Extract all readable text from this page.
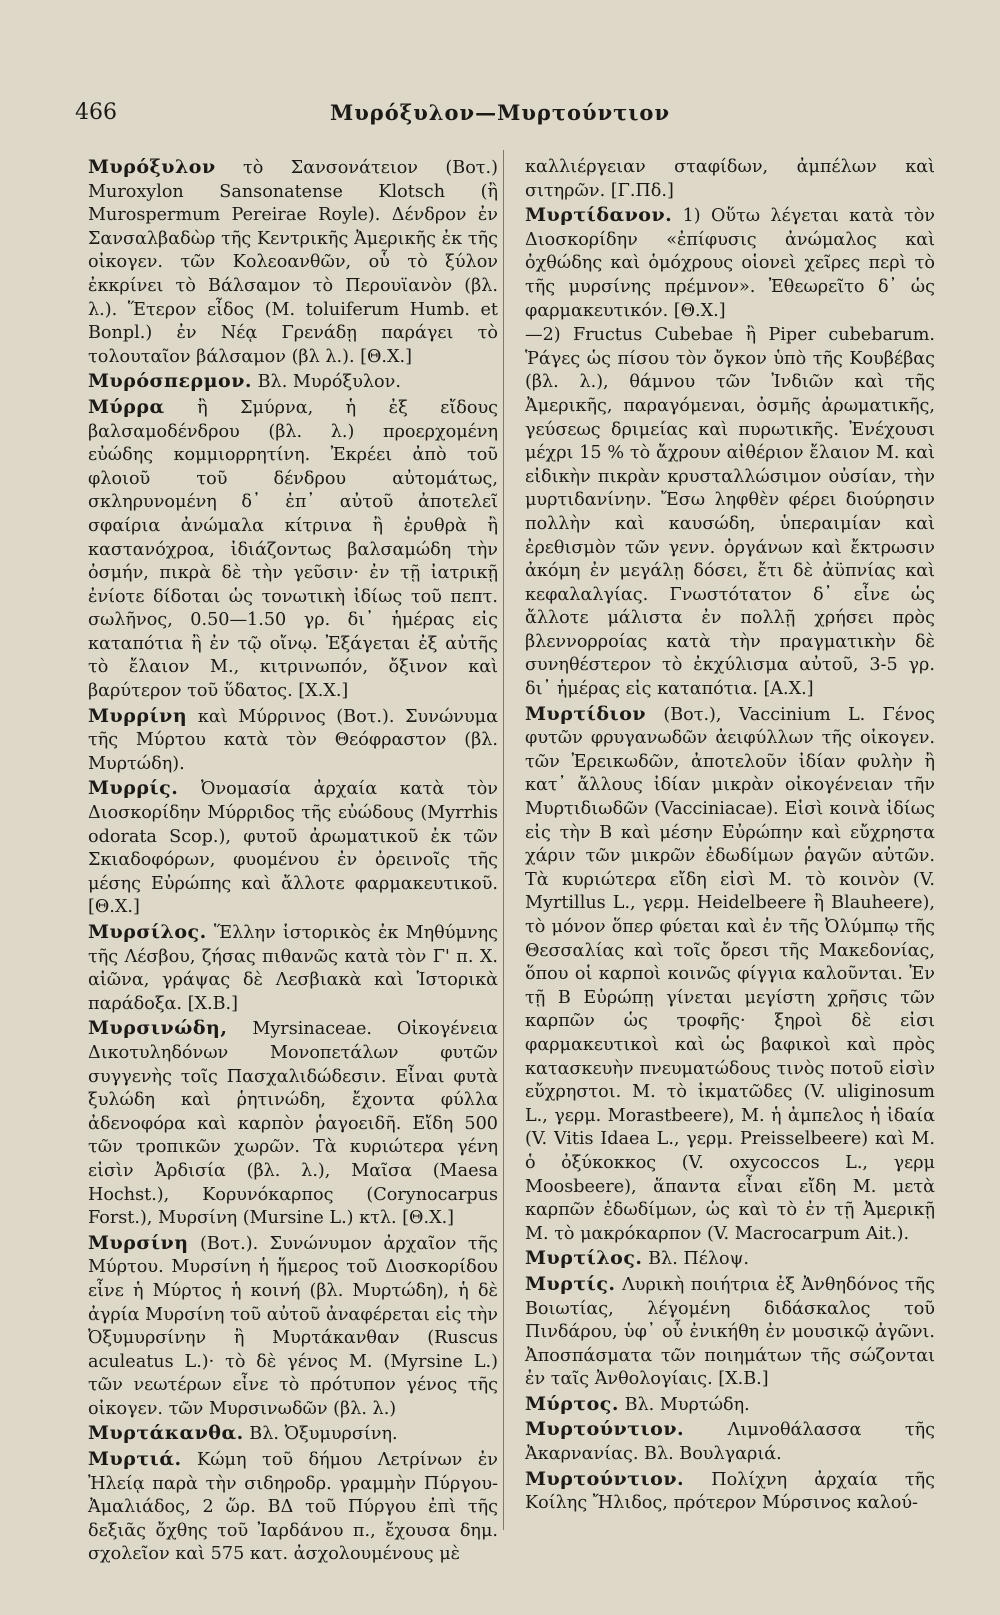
466	Μυρόξυλον—Μυρτούντιον

Μυρόξυλον τὸ Σανσονάτειον (Βοτ.) Muroxylon Sansonatense Klotsch (ἢ Murospermum Pereirae Royle). Δένδρον ἐν Σανσαλβαδὼρ τῆς Κεντρικῆς Ἀμερικῆς ἐκ τῆς οἰκογεν. τῶν Κολεοανθῶν, οὗ τὸ ξύλον ἐκκρίνει τὸ Βάλσαμον τὸ Περουϊανὸν (βλ. λ.). Ἕτερον εἶδος (Μ. toluiferum Humb. et Bonpl.) ἐν Νέᾳ Γρενάδῃ παράγει τὸ τολουταῖον βάλσαμον (βλ λ.). [Θ.Χ.]

Μυρόσπερμον. Βλ. Μυρόξυλον.

Μύρρα ἢ Σμύρνα, ἡ ἐξ εἴδους βαλσαμοδένδρου (βλ. λ.) προερχομένη εὐώδης κομμιορρητίνη. Ἐκρέει ἀπὸ τοῦ φλοιοῦ τοῦ δένδρου αὐτομάτως, σκληρυνομένη δ᾽ ἐπ᾽ αὐτοῦ ἀποτελεῖ σφαίρια ἀνώμαλα κίτρινα ἢ ἐρυθρὰ ἢ καστανόχροα, ἰδιάζοντως βαλσαμώδη τὴν ὀσμήν, πικρὰ δὲ τὴν γεῦσιν· ἐν τῇ ἰατρικῇ ἐνίοτε δίδοται ὡς τονωτικὴ ἰδίως τοῦ πεπτ. σωλῆνος, 0.50—1.50 γρ. δι᾽ ἡμέρας εἰς καταπότια ἢ ἐν τῷ οἴνῳ. Ἐξάγεται ἐξ αὐτῆς τὸ ἔλαιον Μ., κιτρινωπόν, ὄξινον καὶ βαρύτερον τοῦ ὕδατος. [Χ.Χ.]

Μυρρίνη καὶ Μύρρινος (Βοτ.). Συνώνυμα τῆς Μύρτου κατὰ τὸν Θεόφραστον (βλ. Μυρτώδη).

Μυρρίς. Ὀνομασία ἀρχαία κατὰ τὸν Διοσκορίδην Μύρριδος τῆς εὐώδους (Myrrhis odorata Scop.), φυτοῦ ἀρωματικοῦ ἐκ τῶν Σκιαδοφόρων, φυομένου ἐν ὀρεινοῖς τῆς μέσης Εὐρώπης καὶ ἄλλοτε φαρμακευτικοῦ. [Θ.Χ.]

Μυρσίλος. Ἕλλην ἱστορικὸς ἐκ Μηθύμνης τῆς Λέσβου, ζήσας πιθανῶς κατὰ τὸν Γ' π. Χ. αἰῶνα, γράψας δὲ Λεσβιακὰ καὶ Ἱστορικὰ παράδοξα. [Χ.Β.]

Μυρσινώδη, Myrsinaceae. Οἰκογένεια Δικοτυληδόνων Μονοπετάλων φυτῶν συγγενὴς τοῖς Πασχαλιδώδεσιν. Εἶναι φυτὰ ξυλώδη καὶ ῥητινώδη, ἔχοντα φύλλα ἀδενοφόρα καὶ καρπὸν ῥαγοειδῆ. Εἴδη 500 τῶν τροπικῶν χωρῶν. Τὰ κυριώτερα γένη εἰσὶν Ἀρδισία (βλ. λ.), Μαῖσα (Maesa Hochst.), Κορυνόκαρπος (Corynocarpus Forst.), Μυρσίνη (Mursine L.) κτλ. [Θ.Χ.]

Μυρσίνη (Βοτ.). Συνώνυμον ἀρχαῖον τῆς Μύρτου. Μυρσίνη ἡ ἥμερος τοῦ Διοσκορίδου εἶνε ἡ Μύρτος ἡ κοινή (βλ. Μυρτώδη), ἡ δὲ ἀγρία Μυρσίνη τοῦ αὐτοῦ ἀναφέρεται εἰς τὴν Ὀξυμυρσίνην ἢ Μυρτάκανθαν (Ruscus aculeatus L.)· τὸ δὲ γένος Μ. (Myrsine L.) τῶν νεωτέρων εἶνε τὸ πρότυπον γένος τῆς οἰκογεν. τῶν Μυρσινωδῶν (βλ. λ.)

Μυρτάκανθα. Βλ. Ὀξυμυρσίνη.

Μυρτιά. Κώμη τοῦ δήμου Λετρίνων ἐν Ἠλείᾳ παρὰ τὴν σιδηροδρ. γραμμὴν Πύργου-Ἀμαλιάδος, 2 ὥρ. ΒΔ τοῦ Πύργου ἐπὶ τῆς δεξιᾶς ὄχθης τοῦ Ἰαρδάνου π., ἔχουσα δημ. σχολεῖον καὶ 575 κατ. ἀσχολουμένους μὲ

καλλιέργειαν σταφίδων, ἀμπέλων καὶ σιτηρῶν. [Γ.Πδ.]

Μυρτίδανον. 1) Οὕτω λέγεται κατὰ τὸν Διοσκορίδην «ἐπίφυσις ἀνώμαλος καὶ ὀχθώδης καὶ ὁμόχρους οἱονεὶ χεῖρες περὶ τὸ τῆς μυρσίνης πρέμνον». Ἐθεωρεῖτο δ᾽ ὡς φαρμακευτικόν. [Θ.Χ.]

—2) Fructus Cubebae ἢ Piper cubebarum. Ῥάγες ὡς πίσου τὸν ὄγκον ὑπὸ τῆς Κουβέβας (βλ. λ.), θάμνου τῶν Ἰνδιῶν καὶ τῆς Ἀμερικῆς, παραγόμεναι, ὀσμῆς ἀρωματικῆς, γεύσεως δριμείας καὶ πυρωτικῆς. Ἐνέχουσι μέχρι 15 % τὸ ἄχρουν αἰθέριον ἔλαιον Μ. καὶ εἰδικὴν πικρὰν κρυσταλλώσιμον οὐσίαν, τὴν μυρτιδανίνην. Ἔσω ληφθὲν φέρει διούρησιν πολλὴν καὶ καυσώδη, ὑπεραιμίαν καὶ ἐρεθισμὸν τῶν γενν. ὀργάνων καὶ ἔκτρωσιν ἀκόμη ἐν μεγάλῃ δόσει, ἔτι δὲ ἀϋπνίας καὶ κεφαλαλγίας. Γνωστότατον δ᾽ εἶνε ὡς ἄλλοτε μάλιστα ἐν πολλῇ χρήσει πρὸς βλεννορροίας κατὰ τὴν πραγματικὴν δὲ συνηθέστερον τὸ ἐκχύλισμα αὐτοῦ, 3-5 γρ. δι᾽ ἡμέρας εἰς καταπότια. [Α.Χ.]

Μυρτίδιον (Βοτ.), Vaccinium L. Γένος φυτῶν φρυγανωδῶν ἀειφύλλων τῆς οἰκογεν. τῶν Ἐρεικωδῶν, ἀποτελοῦν ἰδίαν φυλὴν ἢ κατ᾽ ἄλλους ἰδίαν μικρὰν οἰκογένειαν τῆν Μυρτιδιωδῶν (Vacciniacae). Εἰσὶ κοινὰ ἰδίως εἰς τὴν Β καὶ μέσην Εὐρώπην καὶ εὔχρηστα χάριν τῶν μικρῶν ἐδωδίμων ῥαγῶν αὐτῶν. Τὰ κυριώτερα εἴδη εἰσὶ Μ. τὸ κοινὸν (V. Myrtillus L., γερμ. Heidelbeere ἢ Blauheere), τὸ μόνον ὅπερ φύεται καὶ ἐν τῆς Ὀλύμπῳ τῆς Θεσσαλίας καὶ τοῖς ὄρεσι τῆς Μακεδονίας, ὅπου οἱ καρποὶ κοινῶς φίγγια καλοῦνται. Ἐν τῇ Β Εὐρώπῃ γίνεται μεγίστη χρῆσις τῶν καρπῶν ὡς τροφῆς· ξηροὶ δὲ εἰσι φαρμακευτικοὶ καὶ ὡς βαφικοὶ καὶ πρὸς κατασκευὴν πνευματώδους τινὸς ποτοῦ εἰσὶν εὔχρηστοι. Μ. τὸ ἰκματῶδες (V. uliginosum L., γερμ. Morastbeere), Μ. ἡ ἀμπελος ἡ ἰδαία (V. Vitis Idaea L., γερμ. Preisselbeere) καὶ Μ. ὁ ὀξύκοκκος (V. oxycoccos L., γερμ Moosbeere), ἅπαντα εἶναι εἴδη Μ. μετὰ καρπῶν ἐδωδίμων, ὡς καὶ τὸ ἐν τῇ Ἀμερικῇ Μ. τὸ μακρόκαρπον (V. Macrocarpum Ait.).

Μυρτίλος. Βλ. Πέλοψ.

Μυρτίς. Λυρικὴ ποιήτρια ἐξ Ἀνθηδόνος τῆς Βοιωτίας, λέγομένη διδάσκαλος τοῦ Πινδάρου, ὑφ᾽ οὗ ἐνικήθη ἐν μουσικῷ ἀγῶνι. Ἀποσπάσματα τῶν ποιημάτων τῆς σώζονται ἐν ταῖς Ἀνθολογίαις. [Χ.Β.]

Μύρτος. Βλ. Μυρτώδη.

Μυρτούντιον. Λιμνοθάλασσα τῆς Ἀκαρνανίας. Βλ. Βουλγαριά.

Μυρτούντιον. Πολίχνη ἀρχαία τῆς Κοίλης Ἤλιδος, πρότερον Μύρσινος καλού-
